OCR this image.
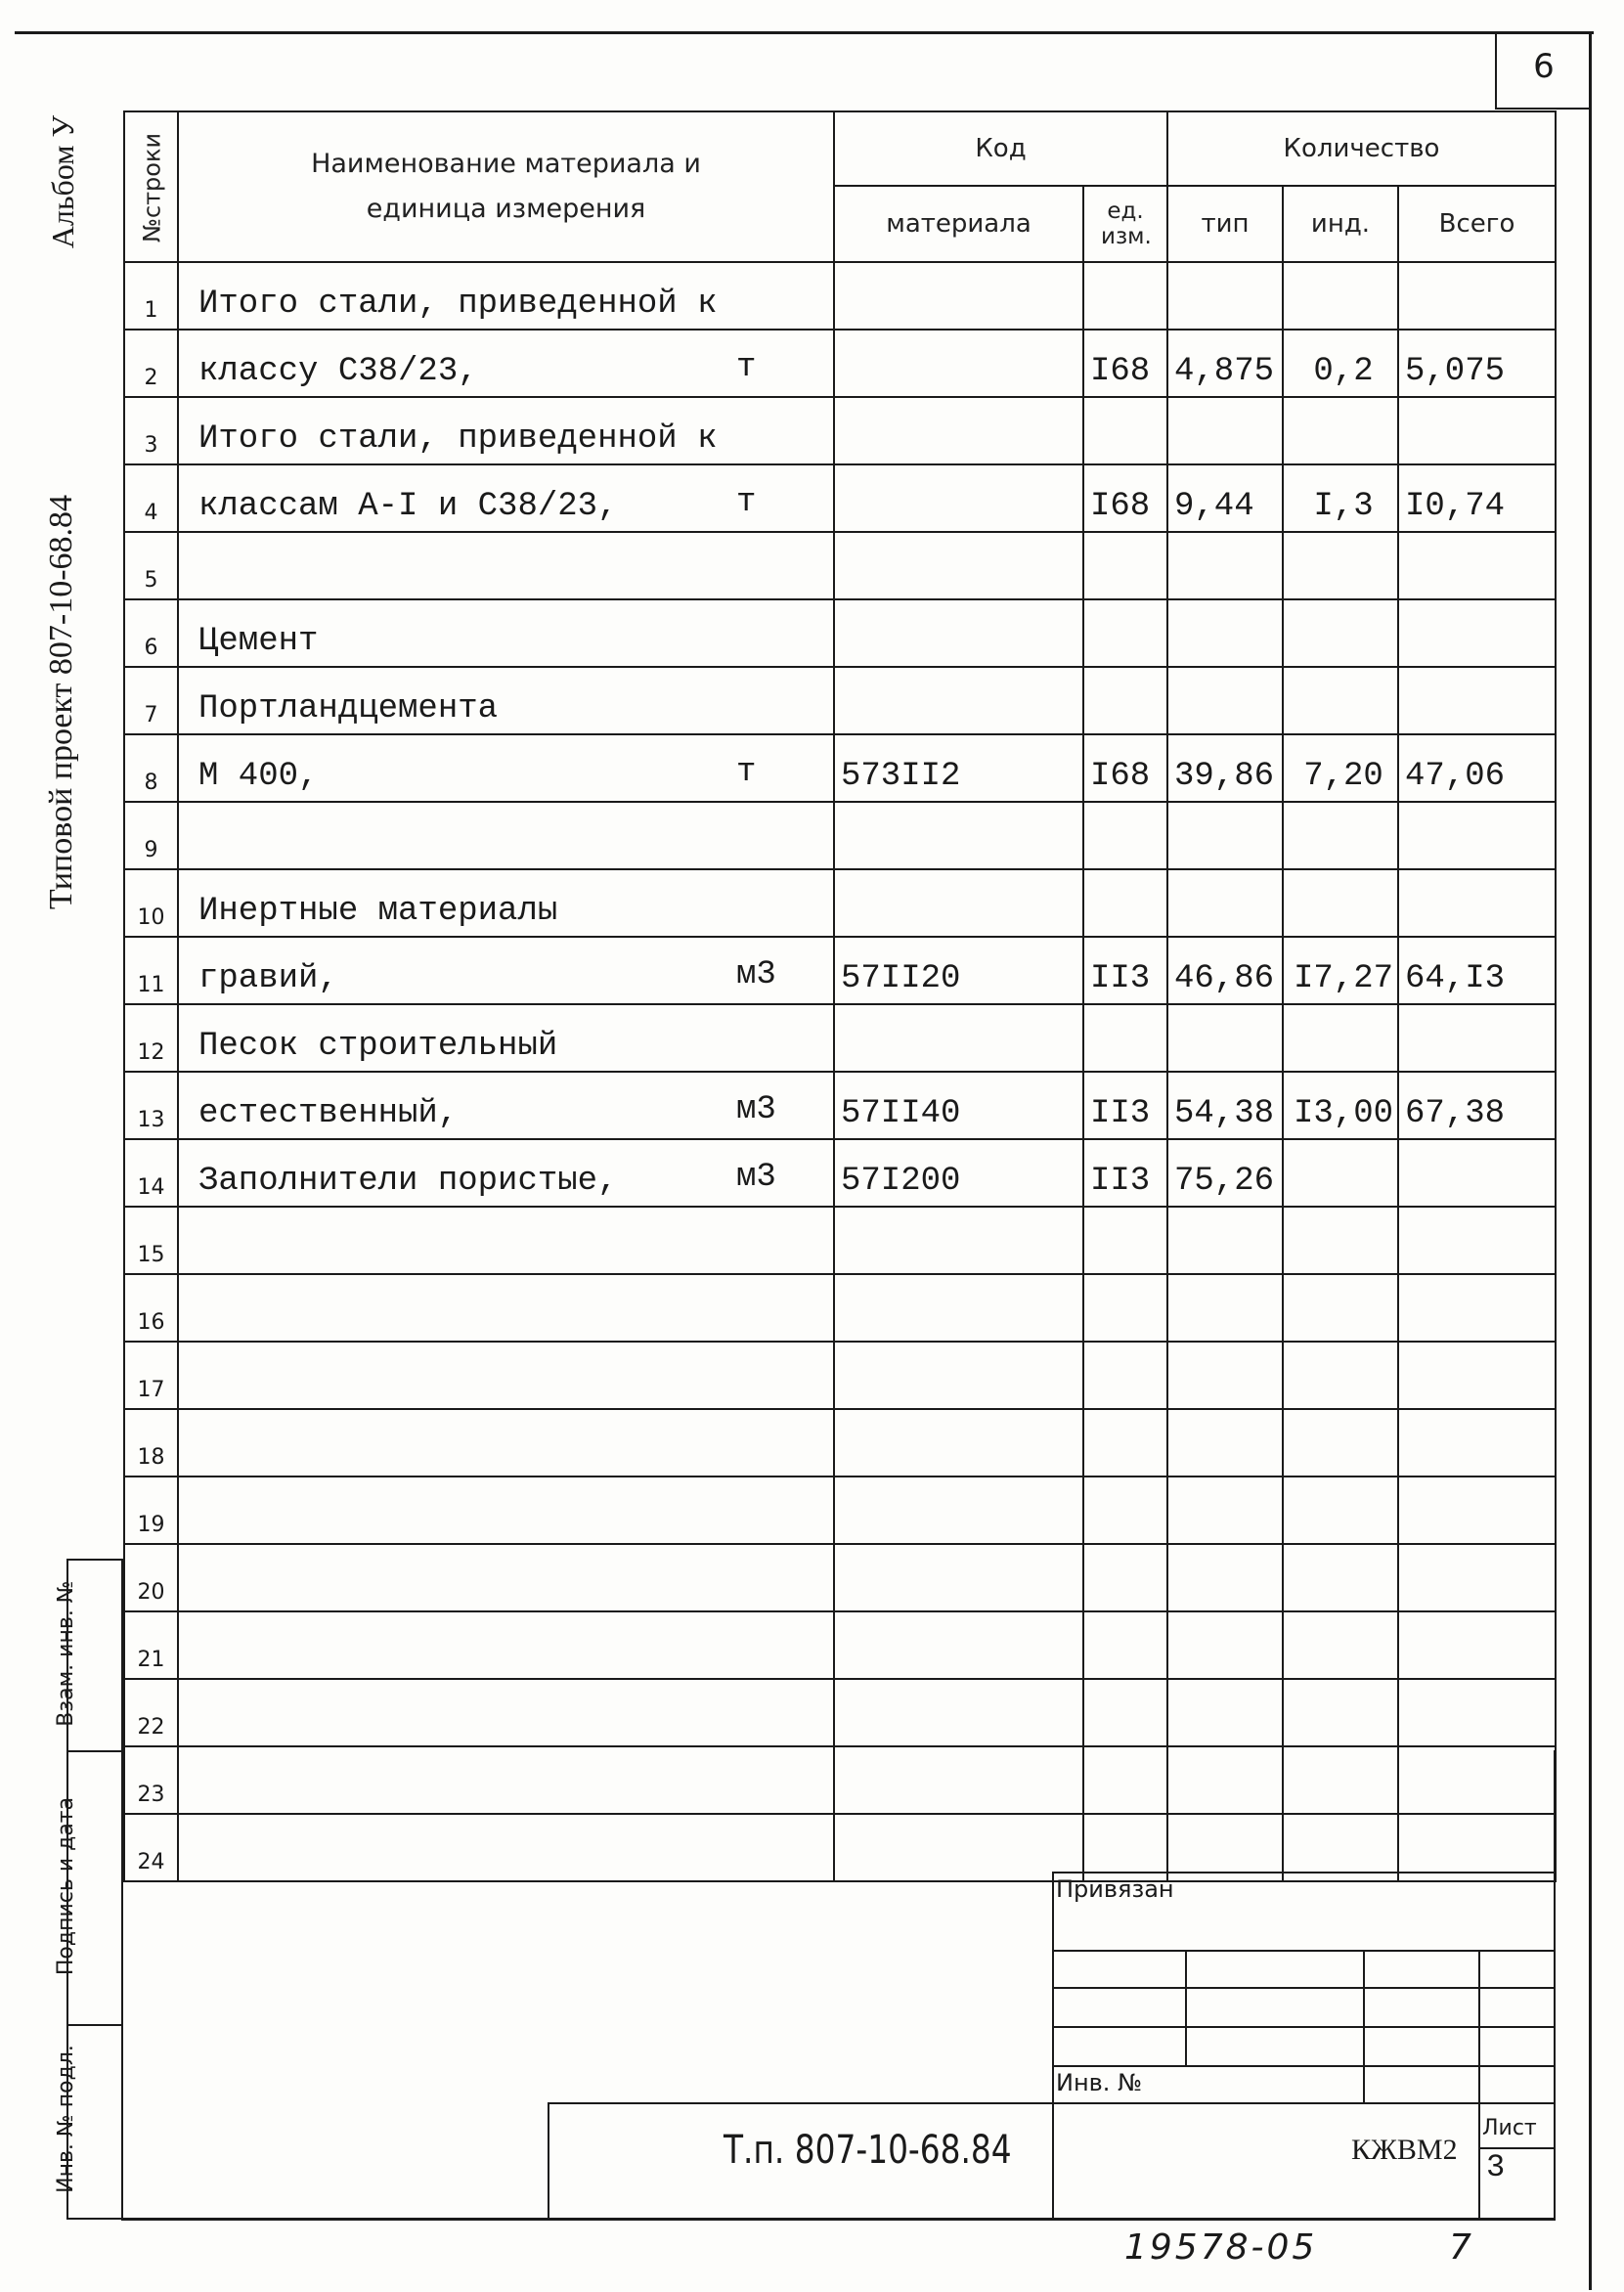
6
Альбом У
Типовой проект 807-10-68.84
Взам. инв. №
Подпись и дата
Инв. № подл.
№строки	Наименование материала и единица измерения	Код		Количество		
		материала	ед. изм.	тип	инд.	Всего
1	Итого стали, приведенной к

2	классу С38/23, т		I68	4,875	0,2	5,075
3	Итого стали, приведенной к

4	классам А-I и С38/23, т		I68	9,44	I,3	I0,74
5	

6	Цемент

7	Портландцемента

8	М 400, т	573II2	I68	39,86	7,20	47,06
9	

10	Инертные материалы

11	гравий, м3	57II20	II3	46,86	I7,27	64,I3
12	Песок строительный

13	естественный, м3	57II40	II3	54,38	I3,00	67,38
14	Заполнители пористые, м3	57I200	II3	75,26		
15	

16	

17	

18	

19	

20	

21	

22	

23	

24	

Привязан
Инв. №
Т.п. 807-10-68.84	КЖВМ2
Лист
3
19578-05	7
